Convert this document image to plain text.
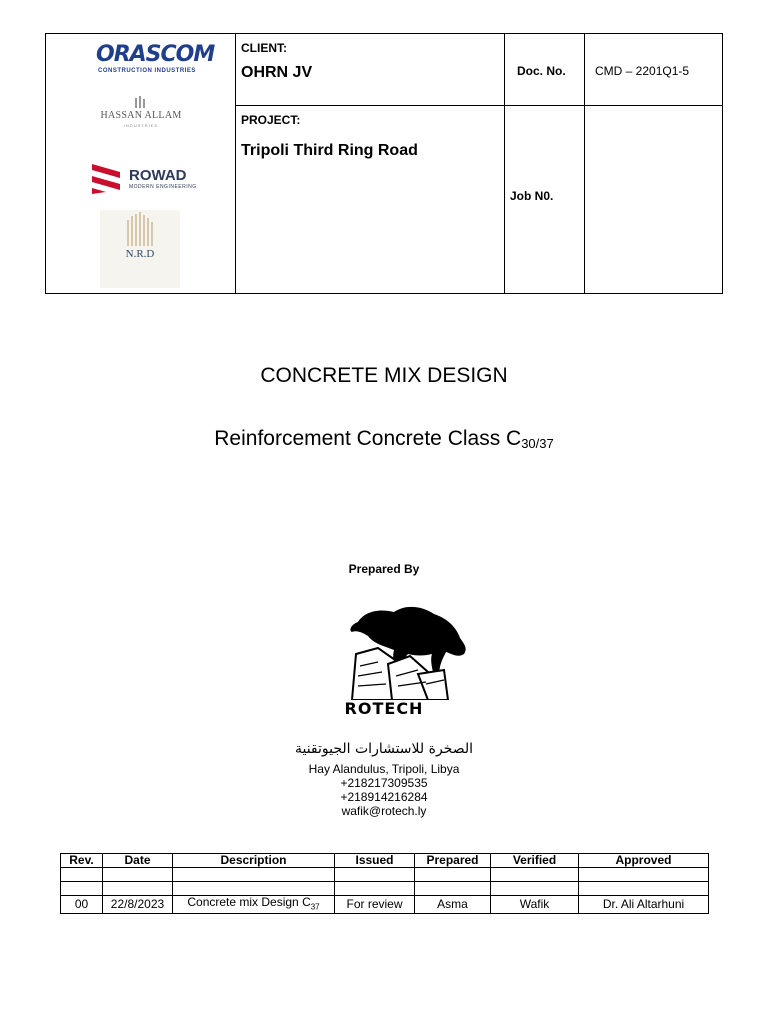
ORASCOM
CONSTRUCTION INDUSTRIES
HASSAN ALLAM
INDUSTRIES
ROWAD
MODERN ENGINEERING
N.R.D
CLIENT:
OHRN JV
PROJECT:
Tripoli Third Ring Road
Doc. No. CMD – 2201Q1-5
Job N0.
CONCRETE MIX DESIGN
Reinforcement Concrete Class $C_{30/37}$
Prepared By
ROTECH
الصخرة للاستشارات الجيوتقنية
Hay Alandulus, Tripoli, Libya
+218217309535
+218914216284
wafik@rotech.ly
Rev.	Date	Description	Issued	Prepared	Verified	Approved

00	22/8/2023	Concrete mix Design $C_{37}$	For review	Asma	Wafik	Dr. Ali Altarhuni
